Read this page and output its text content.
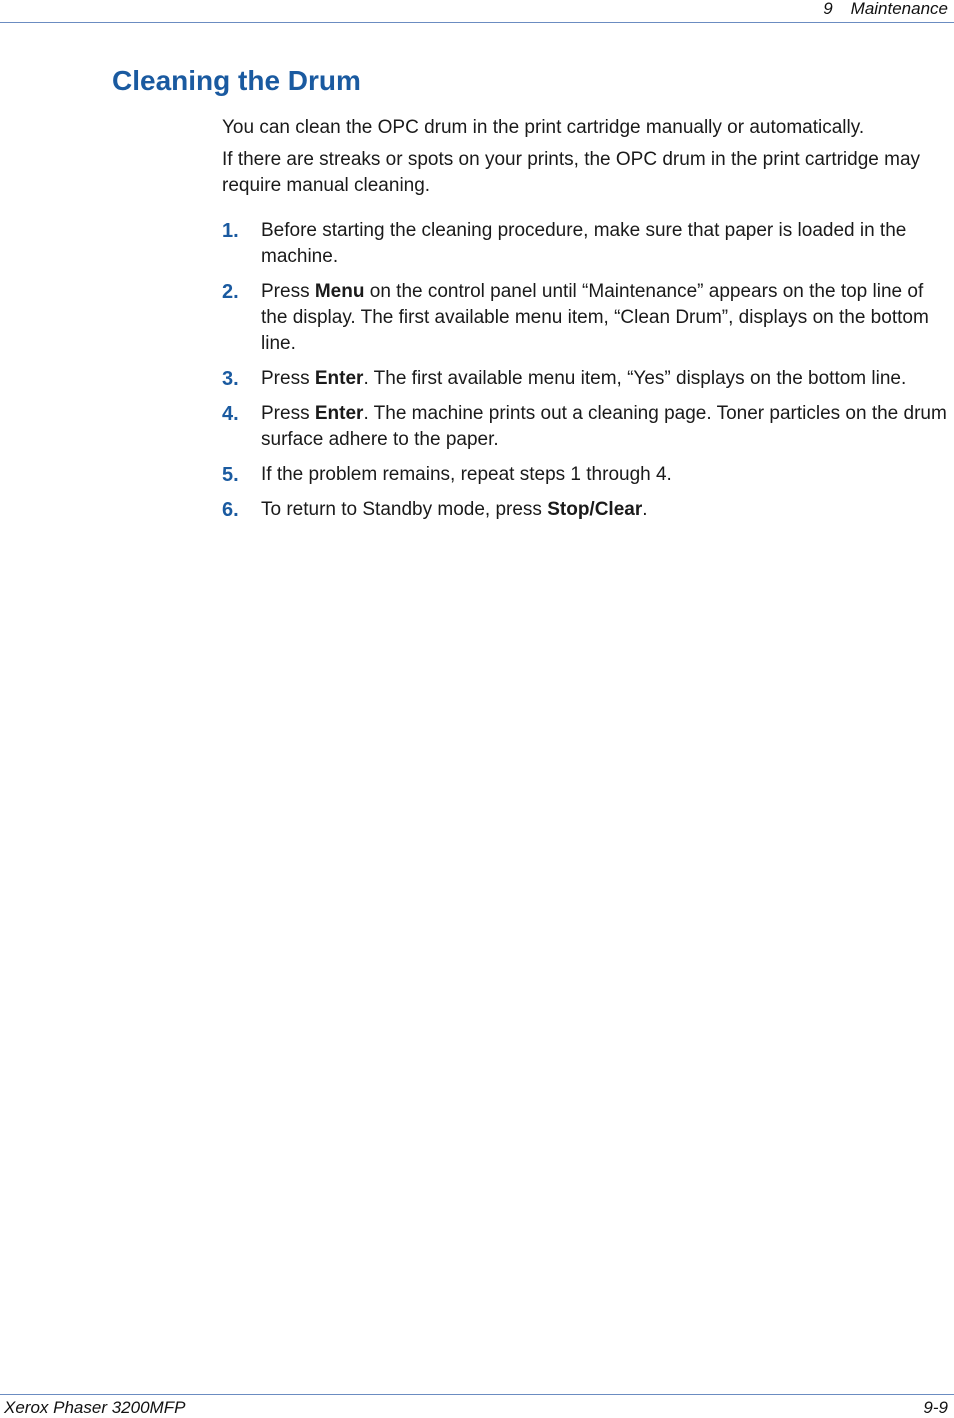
9 Maintenance
Cleaning the Drum

You can clean the OPC drum in the print cartridge manually or automatically.

If there are streaks or spots on your prints, the OPC drum in the print cartridge may require manual cleaning.

1. Before starting the cleaning procedure, make sure that paper is loaded in the machine.
2. Press Menu on the control panel until “Maintenance” appears on the top line of the display. The first available menu item, “Clean Drum”, displays on the bottom line.
3. Press Enter. The first available menu item, “Yes” displays on the bottom line.
4. Press Enter. The machine prints out a cleaning page. Toner particles on the drum surface adhere to the paper.
5. If the problem remains, repeat steps 1 through 4.
6. To return to Standby mode, press Stop/Clear.
Xerox Phaser 3200MFP	9-9
